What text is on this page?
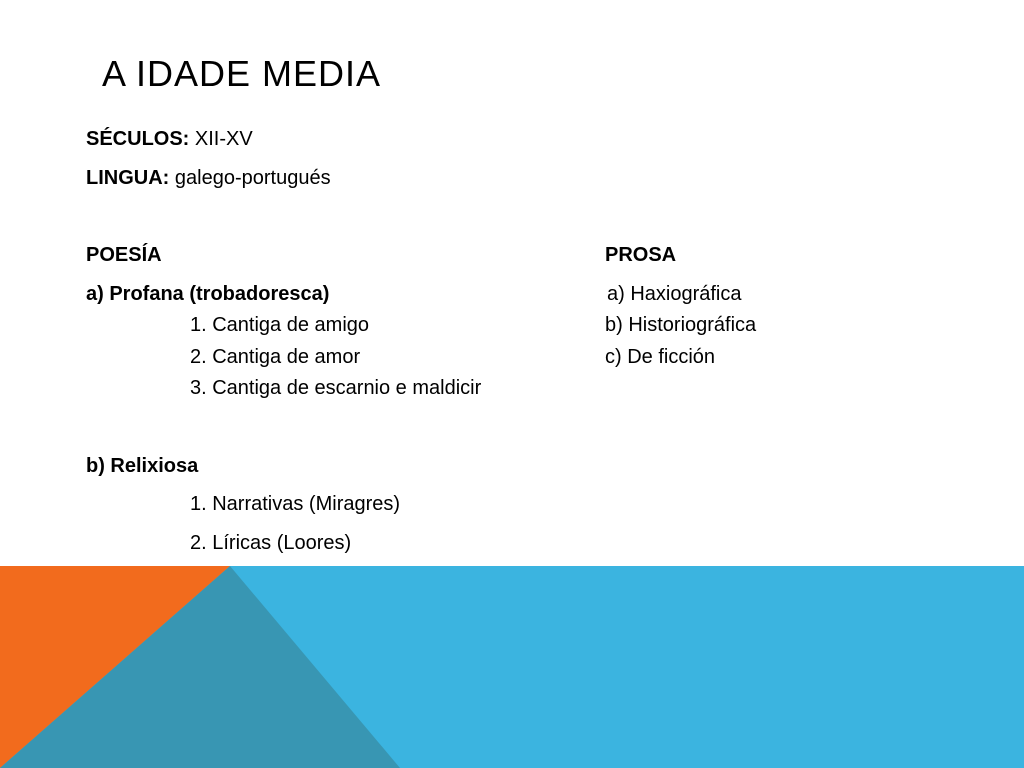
A IDADE MEDIA
SÉCULOS: XII-XV
LINGUA: galego-portugués
POESÍA
a) Profana (trobadoresca)
1. Cantiga de amigo
2. Cantiga de amor
3. Cantiga de escarnio e maldicir
b) Relixiosa
1. Narrativas (Miragres)
2. Líricas (Loores)
PROSA
a) Haxiográfica
b) Historiográfica
c) De ficción
